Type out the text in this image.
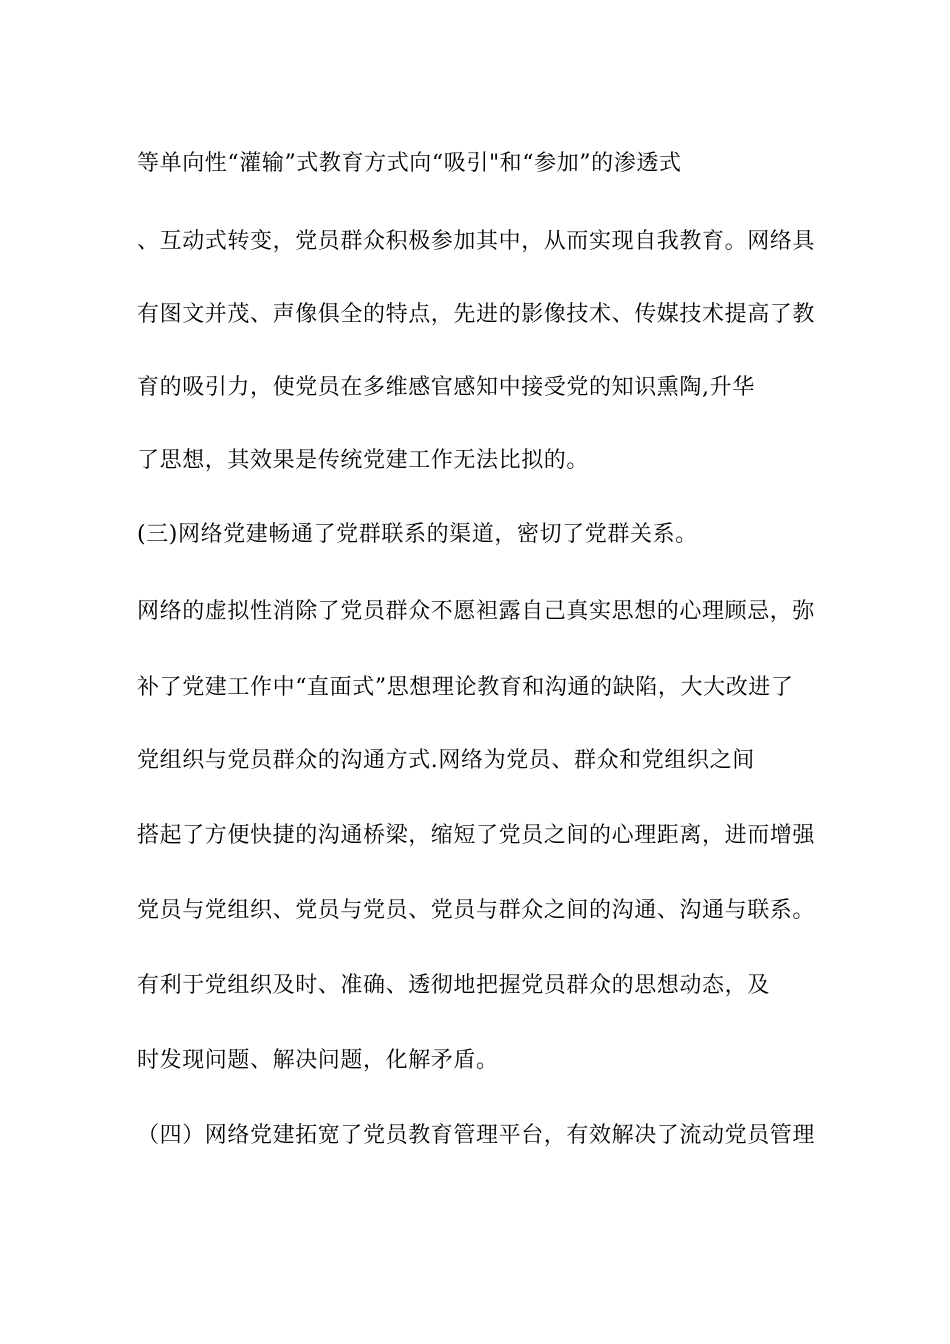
等单向性“灌输”式教育方式向“吸引"和“参加”的渗透式
、互动式转变，党员群众积极参加其中，从而实现自我教育。网络具
有图文并茂、声像俱全的特点，先进的影像技术、传媒技术提高了教
育的吸引力，使党员在多维感官感知中接受党的知识熏陶,升华
了思想，其效果是传统党建工作无法比拟的。
(三)网络党建畅通了党群联系的渠道，密切了党群关系。
网络的虚拟性消除了党员群众不愿袒露自己真实思想的心理顾忌，弥
补了党建工作中“直面式”思想理论教育和沟通的缺陷，大大改进了
党组织与党员群众的沟通方式.网络为党员、群众和党组织之间
搭起了方便快捷的沟通桥梁，缩短了党员之间的心理距离，进而增强
党员与党组织、党员与党员、党员与群众之间的沟通、沟通与联系。
有利于党组织及时、准确、透彻地把握党员群众的思想动态，及
时发现问题、解决问题，化解矛盾。
（四）网络党建拓宽了党员教育管理平台，有效解决了流动党员管理
